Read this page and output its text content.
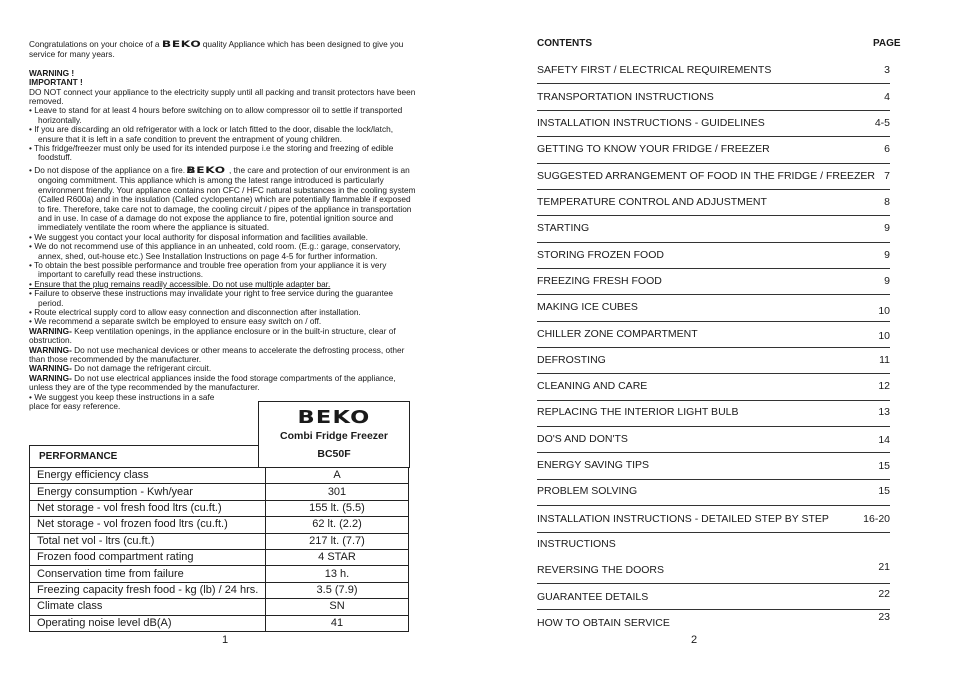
Congratulations on your choice of a BEKO quality Appliance which has been designed to give you service for many years.

WARNING !

IMPORTANT !

DO NOT connect your appliance to the electricity supply until all packing and transit protectors have been removed.

• Leave to stand for at least 4 hours before switching on to allow compressor oil to settle if transported horizontally.

• If you are discarding an old refrigerator with a lock or latch fitted to the door, disable the lock/latch, ensure that it is left in a safe condition to prevent the entrapment of young children.

• This fridge/freezer must only be used for its intended purpose i.e the storing and freezing of edible foodstuff.

• Do not dispose of the appliance on a fire. AtBEKO , the care and protection of our environment is an ongoing commitment. This appliance which is among the latest range introduced is particularly environment friendly. Your appliance contains non CFC / HFC natural substances in the cooling system (Called R600a) and in the insulation (Called cyclopentane) which are potentially flammable if exposed to fire. Therefore, take care not to damage, the cooling circuit / pipes of the appliance in transportation and in use. In case of a damage do not expose the appliance to fire, potential ignition source and immediately ventilate the room where the appliance is situated.

• We suggest you contact your local authority for disposal information and facilities available.

• We do not recommend use of this appliance in an unheated, cold room. (E.g.: garage, conservatory, annex, shed, out-house etc.) See Installation Instructions on page 4-5 for further information.

• To obtain the best possible performance and trouble free operation from your appliance it is very important to carefully read these instructions.

• Ensure that the plug remains readily accessible. Do not use multiple adapter bar.

• Failure to observe these instructions may invalidate your right to free service during the guarantee period.

• Route electrical supply cord to allow easy connection and disconnection after installation.

• We recommend a separate switch be employed to ensure easy switch on / off.

WARNING- Keep ventilation openings, in the appliance enclosure or in the built-in structure, clear of obstruction.

WARNING- Do not use mechanical devices or other means to accelerate the defrosting process, other than those recommended by the manufacturer.

WARNING- Do not damage the refrigerant circuit.

WARNING- Do not use electrical appliances inside the food storage compartments of the appliance, unless they are of the type recommended by the manufacturer.

• We suggest you keep these instructions in a safe

place for easy reference.

BEKO
Combi Fridge Freezer
BC50F
PERFORMANCE
Energy efficiency class	A
Energy consumption - Kwh/year	301
Net storage - vol fresh food ltrs (cu.ft.)	155 lt. (5.5)
Net storage - vol frozen food ltrs (cu.ft.)	62 lt. (2.2)
Total net vol - ltrs (cu.ft.)	217 lt. (7.7)
Frozen food compartment rating	4 STAR
Conservation time from failure	13 h.
Freezing capacity fresh food - kg (lb) / 24 hrs.	3.5 (7.9)
Climate class	SN
Operating noise level dB(A)	41
1
CONTENTS	PAGE
SAFETY FIRST / ELECTRICAL REQUIREMENTS	3
TRANSPORTATION INSTRUCTIONS	4
INSTALLATION INSTRUCTIONS - GUIDELINES	4-5
GETTING TO KNOW YOUR FRIDGE / FREEZER	6
SUGGESTED ARRANGEMENT OF FOOD IN THE FRIDGE / FREEZER 7
TEMPERATURE CONTROL AND ADJUSTMENT	8
STARTING	9
STORING FROZEN FOOD	9
FREEZING FRESH FOOD	9
MAKING ICE CUBES	10
CHILLER ZONE COMPARTMENT	10
DEFROSTING	11
CLEANING AND CARE	12
REPLACING THE INTERIOR LIGHT BULB	13
DO'S AND DON'TS	14
ENERGY SAVING TIPS	15
PROBLEM SOLVING	15
INSTALLATION INSTRUCTIONS - DETAILED STEP BY STEP	16-20
INSTRUCTIONS
REVERSING THE DOORS	21
GUARANTEE DETAILS	22
HOW TO OBTAIN SERVICE	23
2
